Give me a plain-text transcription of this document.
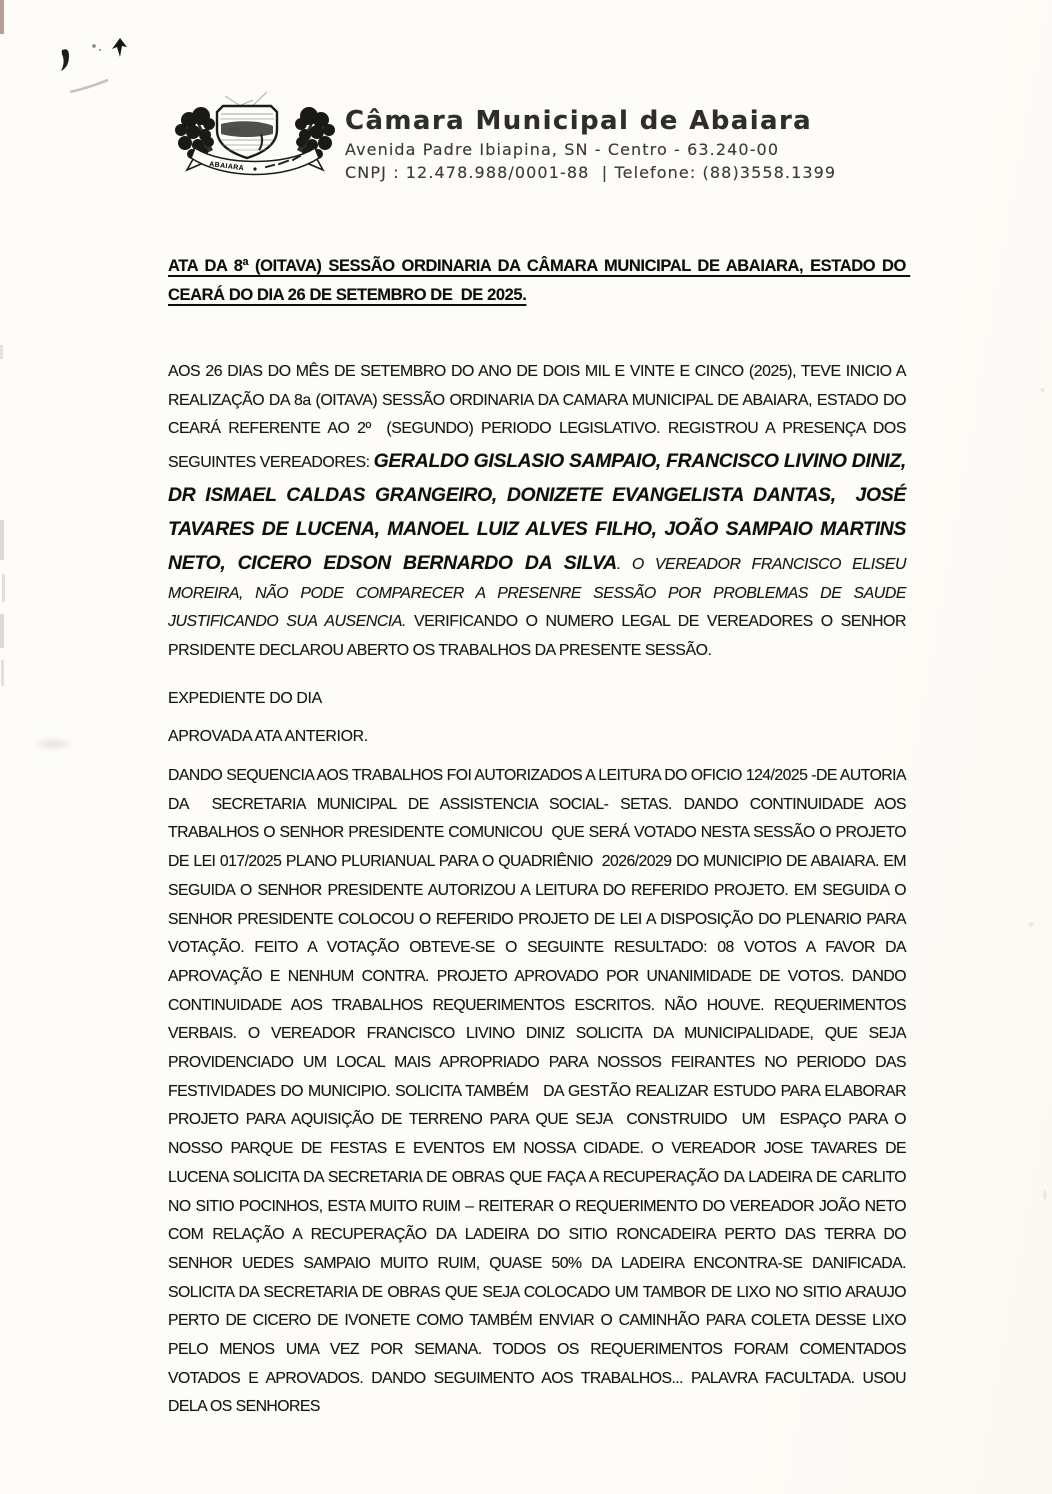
ABAIARA
Câmara Municipal de Abaiara
Avenida Padre Ibiapina, SN - Centro - 63.240-00
CNPJ : 12.478.988/0001-88  | Telefone: (88)3558.1399
ATA DA 8ª (OITAVA) SESSÃO ORDINARIA DA CÂMARA MUNICIPAL DE ABAIARA, ESTADO DO CEARÁ DO DIA 26 DE SETEMBRO DE  DE 2025.
AOS 26 DIAS DO MÊS DE SETEMBRO DO ANO DE DOIS MIL E VINTE E CINCO (2025), TEVE INICIO A REALIZAÇÃO DA 8a (OITAVA) SESSÃO ORDINARIA DA CAMARA MUNICIPAL DE ABAIARA, ESTADO DO CEARÁ REFERENTE AO 2º  (SEGUNDO) PERIODO LEGISLATIVO. REGISTROU A PRESENÇA DOS SEGUINTES VEREADORES: GERALDO GISLASIO SAMPAIO, FRANCISCO LIVINO DINIZ, DR ISMAEL CALDAS GRANGEIRO, DONIZETE EVANGELISTA DANTAS,  JOSÉ TAVARES DE LUCENA, MANOEL LUIZ ALVES FILHO, JOÃO SAMPAIO MARTINS NETO, CICERO EDSON BERNARDO DA SILVA. O VEREADOR FRANCISCO ELISEU MOREIRA, NÃO PODE COMPARECER A PRESENRE SESSÃO POR PROBLEMAS DE SAUDE JUSTIFICANDO SUA AUSENCIA. VERIFICANDO O NUMERO LEGAL DE VEREADORES O SENHOR PRSIDENTE DECLAROU ABERTO OS TRABALHOS DA PRESENTE SESSÃO.
EXPEDIENTE DO DIA
APROVADA ATA ANTERIOR.
DANDO SEQUENCIA AOS TRABALHOS FOI AUTORIZADOS A LEITURA DO OFICIO 124/2025 -DE AUTORIA DA  SECRETARIA MUNICIPAL DE ASSISTENCIA SOCIAL- SETAS. DANDO CONTINUIDADE AOS TRABALHOS O SENHOR PRESIDENTE COMUNICOU  QUE SERÁ VOTADO NESTA SESSÃO O PROJETO DE LEI 017/2025 PLANO PLURIANUAL PARA O QUADRIÊNIO  2026/2029 DO MUNICIPIO DE ABAIARA. EM SEGUIDA O SENHOR PRESIDENTE AUTORIZOU A LEITURA DO REFERIDO PROJETO. EM SEGUIDA O SENHOR PRESIDENTE COLOCOU O REFERIDO PROJETO DE LEI A DISPOSIÇÃO DO PLENARIO PARA VOTAÇÃO. FEITO A VOTAÇÃO OBTEVE-SE O SEGUINTE RESULTADO: 08 VOTOS A FAVOR DA APROVAÇÃO E NENHUM CONTRA. PROJETO APROVADO POR UNANIMIDADE DE VOTOS. DANDO CONTINUIDADE AOS TRABALHOS REQUERIMENTOS ESCRITOS. NÃO HOUVE. REQUERIMENTOS VERBAIS. O VEREADOR FRANCISCO LIVINO DINIZ SOLICITA DA MUNICIPALIDADE, QUE SEJA PROVIDENCIADO UM LOCAL MAIS APROPRIADO PARA NOSSOS FEIRANTES NO PERIODO DAS FESTIVIDADES DO MUNICIPIO. SOLICITA TAMBÉM   DA GESTÃO REALIZAR ESTUDO PARA ELABORAR PROJETO PARA AQUISIÇÃO DE TERRENO PARA QUE SEJA  CONSTRUIDO  UM  ESPAÇO PARA O NOSSO PARQUE DE FESTAS E EVENTOS EM NOSSA CIDADE. O VEREADOR JOSE TAVARES DE LUCENA SOLICITA DA SECRETARIA DE OBRAS QUE FAÇA A RECUPERAÇÃO DA LADEIRA DE CARLITO NO SITIO POCINHOS, ESTA MUITO RUIM – REITERAR O REQUERIMENTO DO VEREADOR JOÃO NETO COM RELAÇÃO A RECUPERAÇÃO DA LADEIRA DO SITIO RONCADEIRA PERTO DAS TERRA DO SENHOR UEDES SAMPAIO MUITO RUIM, QUASE 50% DA LADEIRA ENCONTRA-SE DANIFICADA. SOLICITA DA SECRETARIA DE OBRAS QUE SEJA COLOCADO UM TAMBOR DE LIXO NO SITIO ARAUJO PERTO DE CICERO DE IVONETE COMO TAMBÉM ENVIAR O CAMINHÃO PARA COLETA DESSE LIXO PELO MENOS UMA VEZ POR SEMANA. TODOS OS REQUERIMENTOS FORAM COMENTADOS VOTADOS E APROVADOS. DANDO SEGUIMENTO AOS TRABALHOS... PALAVRA FACULTADA. USOU DELA OS SENHORES
